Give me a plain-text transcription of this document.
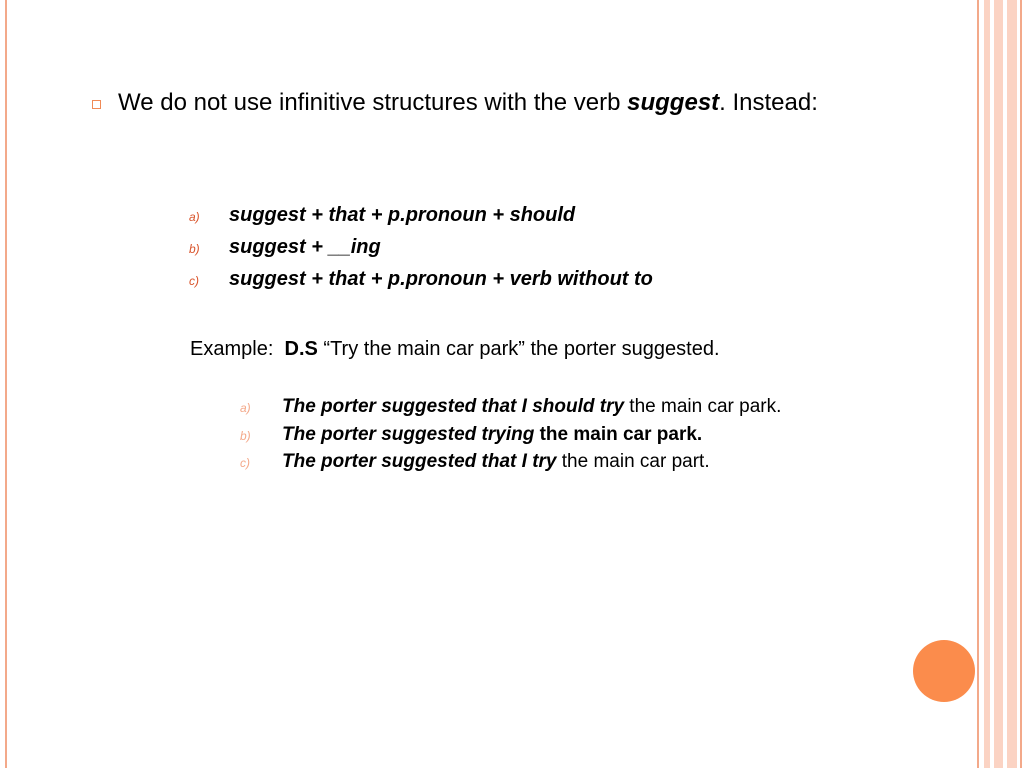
We do not use infinitive structures with the verb suggest. Instead:
a) suggest + that + p.pronoun + should
b) suggest + __ing
c) suggest + that + p.pronoun + verb without to
Example: D.S “Try the main car park” the porter suggested.
a) The porter suggested that I should try the main car park.
b) The porter suggested trying the main car park.
c) The porter suggested that I try the main car part.
